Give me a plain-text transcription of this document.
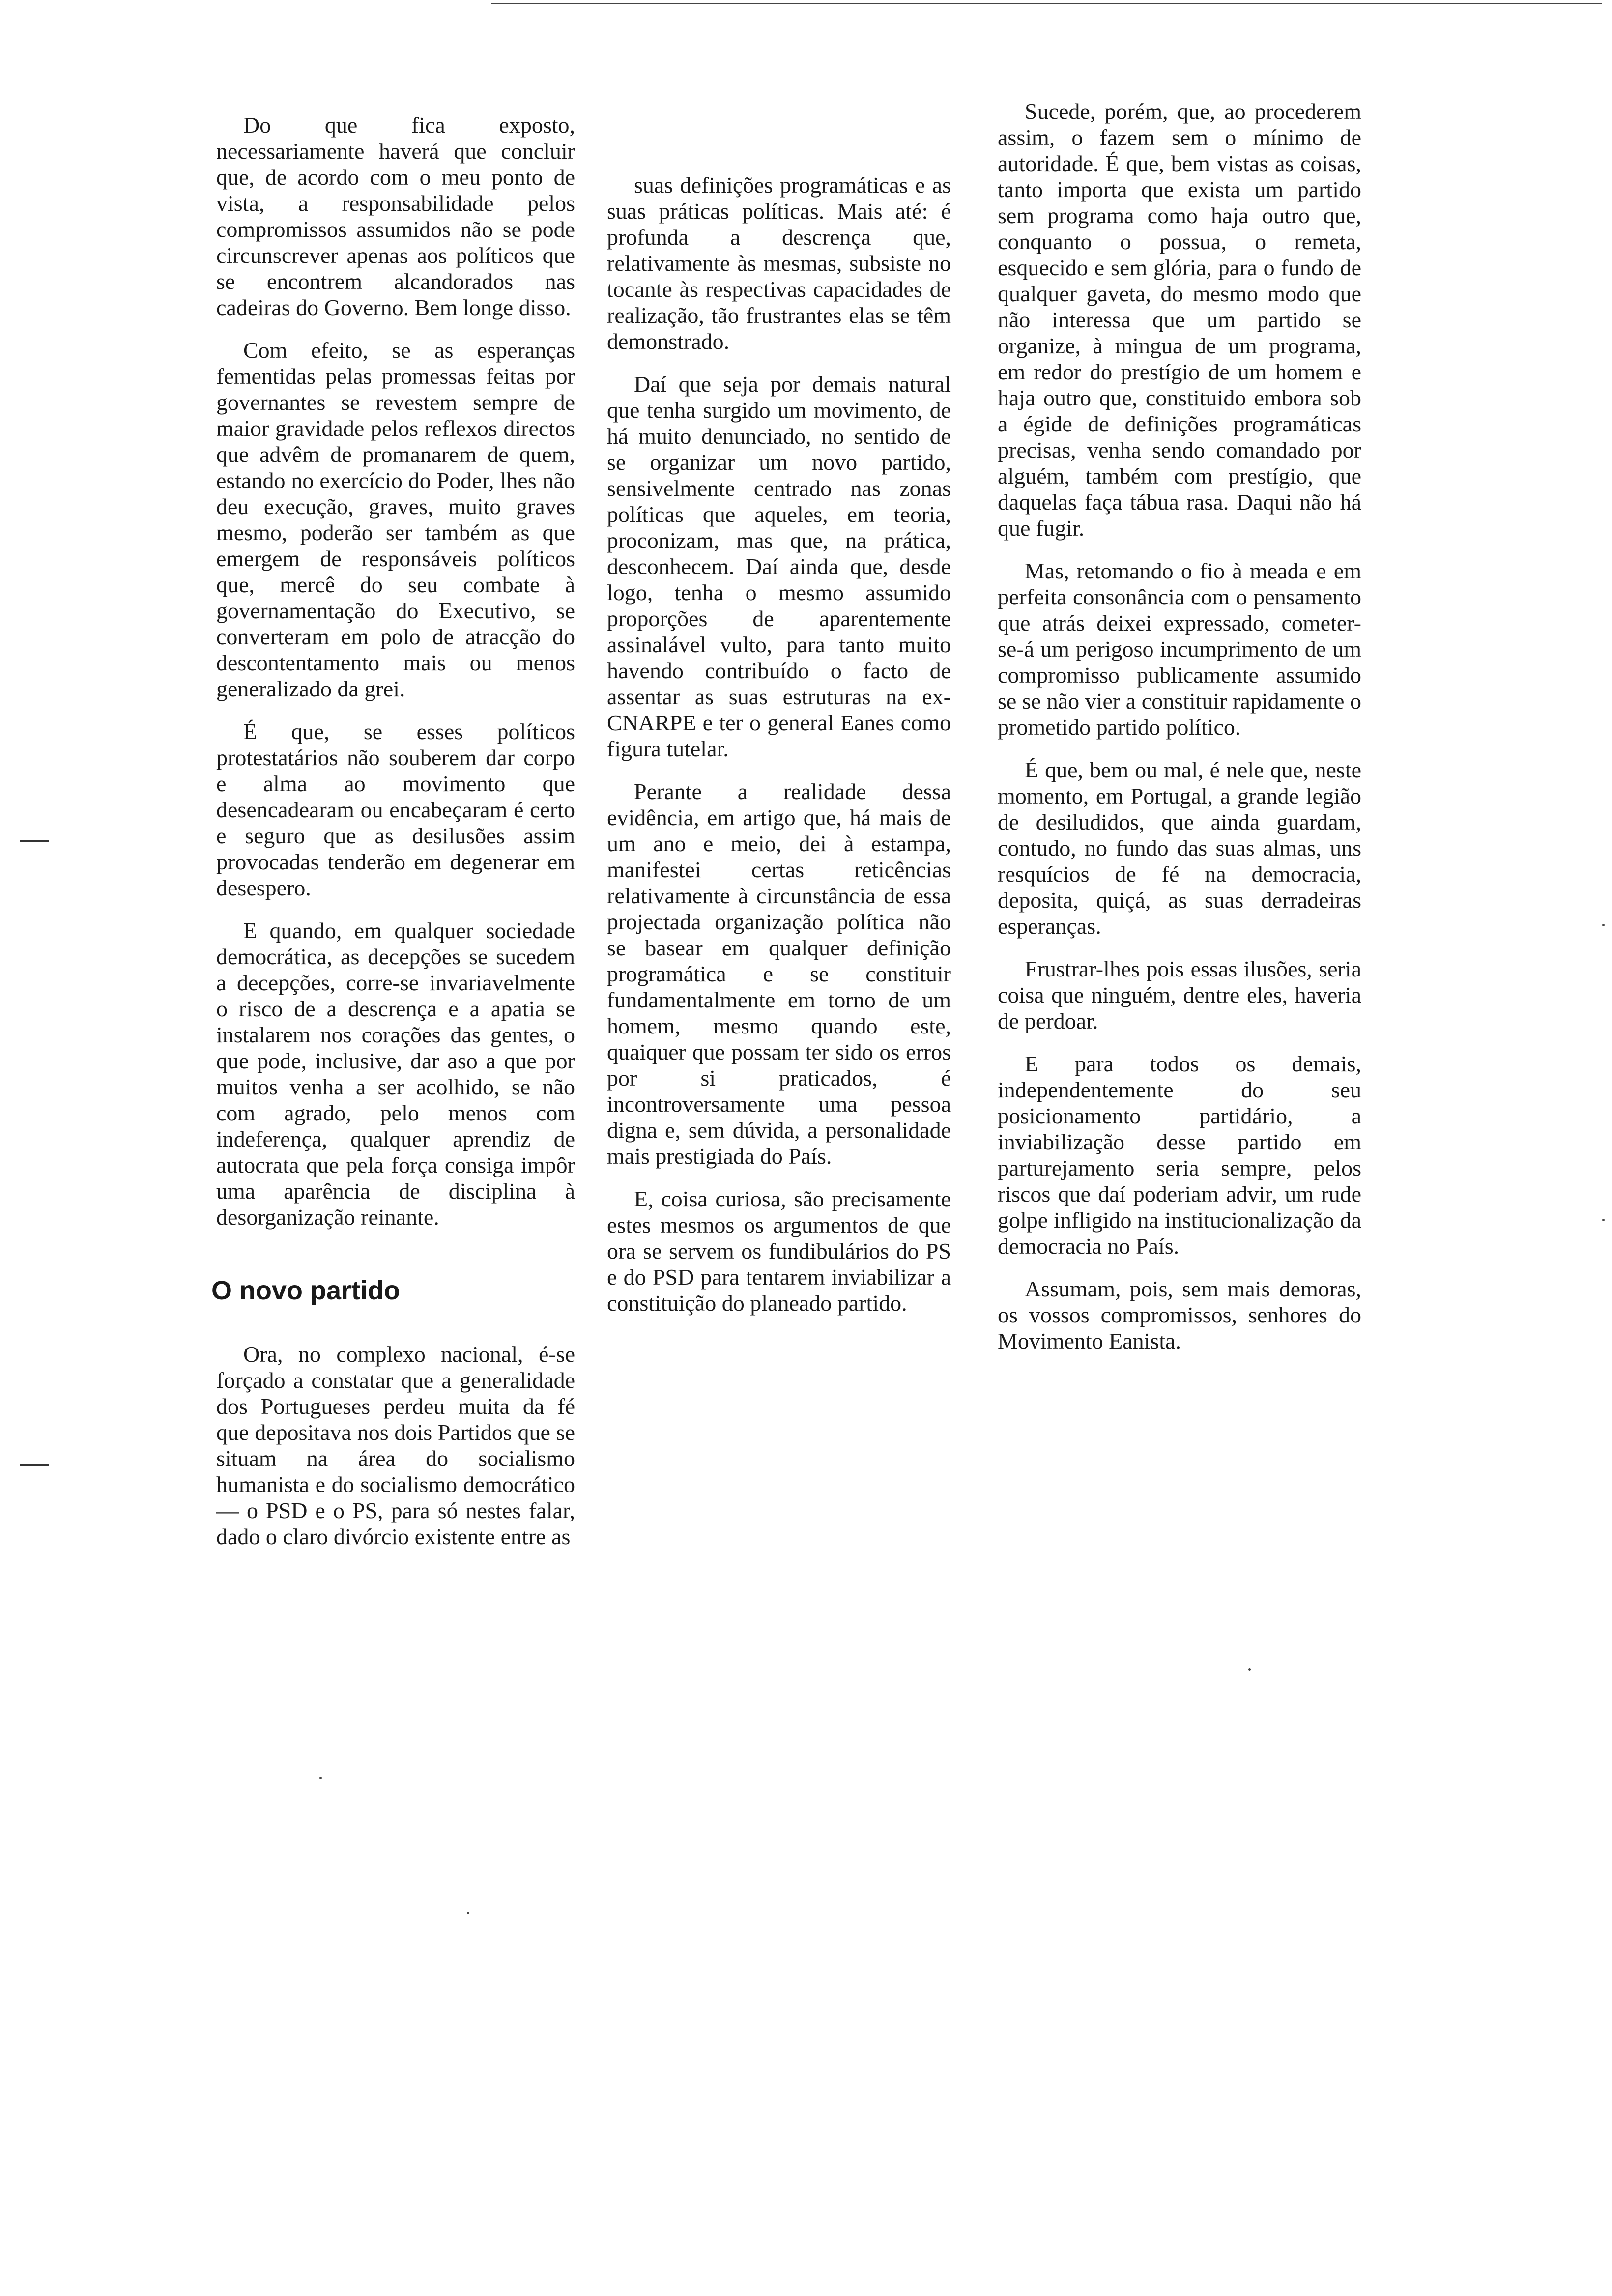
Do que fica exposto, necessariamente haverá que concluir que, de acordo com o meu ponto de vista, a responsabilidade pelos compromissos assumidos não se pode circunscrever apenas aos políticos que se encontrem alcandorados nas cadeiras do Governo. Bem longe disso.

Com efeito, se as esperanças fementidas pelas promessas feitas por governantes se revestem sempre de maior gravidade pelos reflexos directos que advêm de promanarem de quem, estando no exercício do Poder, lhes não deu execução, graves, muito graves mesmo, poderão ser também as que emergem de responsáveis políticos que, mercê do seu combate à governamentação do Executivo, se converteram em polo de atracção do descontentamento mais ou menos generalizado da grei.

É que, se esses políticos protestatários não souberem dar corpo e alma ao movimento que desencadearam ou encabeçaram é certo e seguro que as desilusões assim provocadas tenderão em degenerar em desespero.

E quando, em qualquer sociedade democrática, as decepções se sucedem a decepções, corre-se invariavelmente o risco de a descrença e a apatia se instalarem nos corações das gentes, o que pode, inclusive, dar aso a que por muitos venha a ser acolhido, se não com agrado, pelo menos com indeferença, qualquer aprendiz de autocrata que pela força consiga impôr uma aparência de disciplina à desorganização reinante.

O novo partido

Ora, no complexo nacional, é-se forçado a constatar que a generalidade dos Portugueses perdeu muita da fé que depositava nos dois Partidos que se situam na área do socialismo humanista e do socialismo democrático — o PSD e o PS, para só nestes falar, dado o claro divórcio existente entre as

suas definições programáticas e as suas práticas políticas. Mais até: é profunda a descrença que, relativamente às mesmas, subsiste no tocante às respectivas capacidades de realização, tão frustrantes elas se têm demonstrado.

Daí que seja por demais natural que tenha surgido um movimento, de há muito denunciado, no sentido de se organizar um novo partido, sensivelmente centrado nas zonas políticas que aqueles, em teoria, proconizam, mas que, na prática, desconhecem. Daí ainda que, desde logo, tenha o mesmo assumido proporções de aparentemente assinalável vulto, para tanto muito havendo contribuído o facto de assentar as suas estruturas na ex-CNARPE e ter o general Eanes como figura tutelar.

Perante a realidade dessa evidência, em artigo que, há mais de um ano e meio, dei à estampa, manifestei certas reticências relativamente à circunstância de essa projectada organização política não se basear em qualquer definição programática e se constituir fundamentalmente em torno de um homem, mesmo quando este, quaiquer que possam ter sido os erros por si praticados, é incontroversamente uma pessoa digna e, sem dúvida, a personalidade mais prestigiada do País.

E, coisa curiosa, são precisamente estes mesmos os argumentos de que ora se servem os fundibulários do PS e do PSD para tentarem inviabilizar a constituição do planeado partido.

Sucede, porém, que, ao procederem assim, o fazem sem o mínimo de autoridade. É que, bem vistas as coisas, tanto importa que exista um partido sem programa como haja outro que, conquanto o possua, o remeta, esquecido e sem glória, para o fundo de qualquer gaveta, do mesmo modo que não interessa que um partido se organize, à mingua de um programa, em redor do prestígio de um homem e haja outro que, constituido embora sob a égide de definições programáticas precisas, venha sendo comandado por alguém, também com prestígio, que daquelas faça tábua rasa. Daqui não há que fugir.

Mas, retomando o fio à meada e em perfeita consonância com o pensamento que atrás deixei expressado, cometer-se-á um perigoso incumprimento de um compromisso publicamente assumido se se não vier a constituir rapidamente o prometido partido político.

É que, bem ou mal, é nele que, neste momento, em Portugal, a grande legião de desiludidos, que ainda guardam, contudo, no fundo das suas almas, uns resquícios de fé na democracia, deposita, quiçá, as suas derradeiras esperanças.

Frustrar-lhes pois essas ilusões, seria coisa que ninguém, dentre eles, haveria de perdoar.

E para todos os demais, independentemente do seu posicionamento partidário, a inviabilização desse partido em parturejamento seria sempre, pelos riscos que daí poderiam advir, um rude golpe infligido na institucionalização da democracia no País.

Assumam, pois, sem mais demoras, os vossos compromissos, senhores do Movimento Eanista.
